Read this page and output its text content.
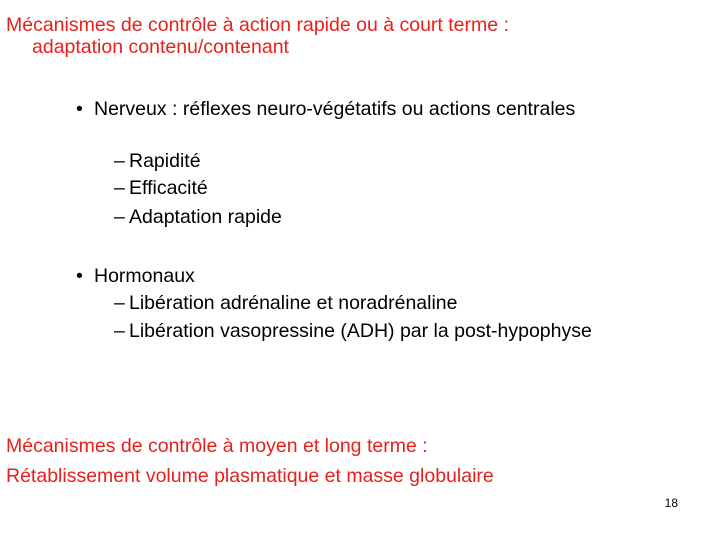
Mécanismes de contrôle à action rapide ou à court terme :
adaptation contenu/contenant
• Nerveux : réflexes neuro-végétatifs ou actions centrales
– Rapidité
– Efficacité
– Adaptation rapide
• Hormonaux
– Libération adrénaline et noradrénaline
– Libération vasopressine (ADH) par la post-hypophyse
Mécanismes de contrôle à moyen et long terme :
Rétablissement volume plasmatique et masse globulaire
18
